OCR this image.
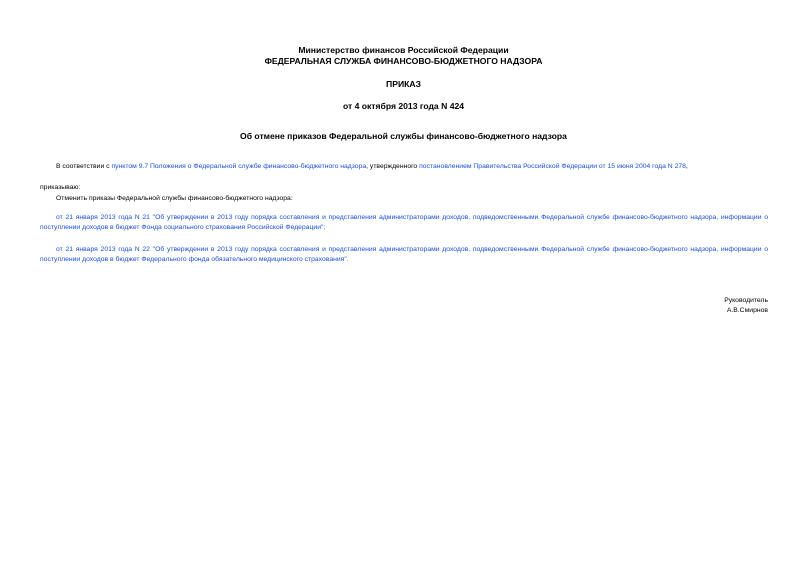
Министерство финансов Российской Федерации
ФЕДЕРАЛЬНАЯ СЛУЖБА ФИНАНСОВО-БЮДЖЕТНОГО НАДЗОРА
ПРИКАЗ
от 4 октября 2013 года N 424
Об отмене приказов Федеральной службы финансово-бюджетного надзора
В соответствии с пунктом 9.7 Положения о Федеральной службе финансово-бюджетного надзора, утвержденного постановлением Правительства Российской Федерации от 15 июня 2004 года N 278,
приказываю:
Отменить приказы Федеральной службы финансово-бюджетного надзора:
от 21 января 2013 года N 21 "Об утверждении в 2013 году порядка составления и представления администраторами доходов, подведомственными Федеральной службе финансово-бюджетного надзора, информации о поступлении доходов в бюджет Фонда социального страхования Российской Федерации";
от 21 января 2013 года N 22 "Об утверждении в 2013 году порядка составления и представления администраторами доходов, подведомственными Федеральной службе финансово-бюджетного надзора, информации о поступлении доходов в бюджет Федерального фонда обязательного медицинского страхования".
Руководитель
А.В.Смирнов
